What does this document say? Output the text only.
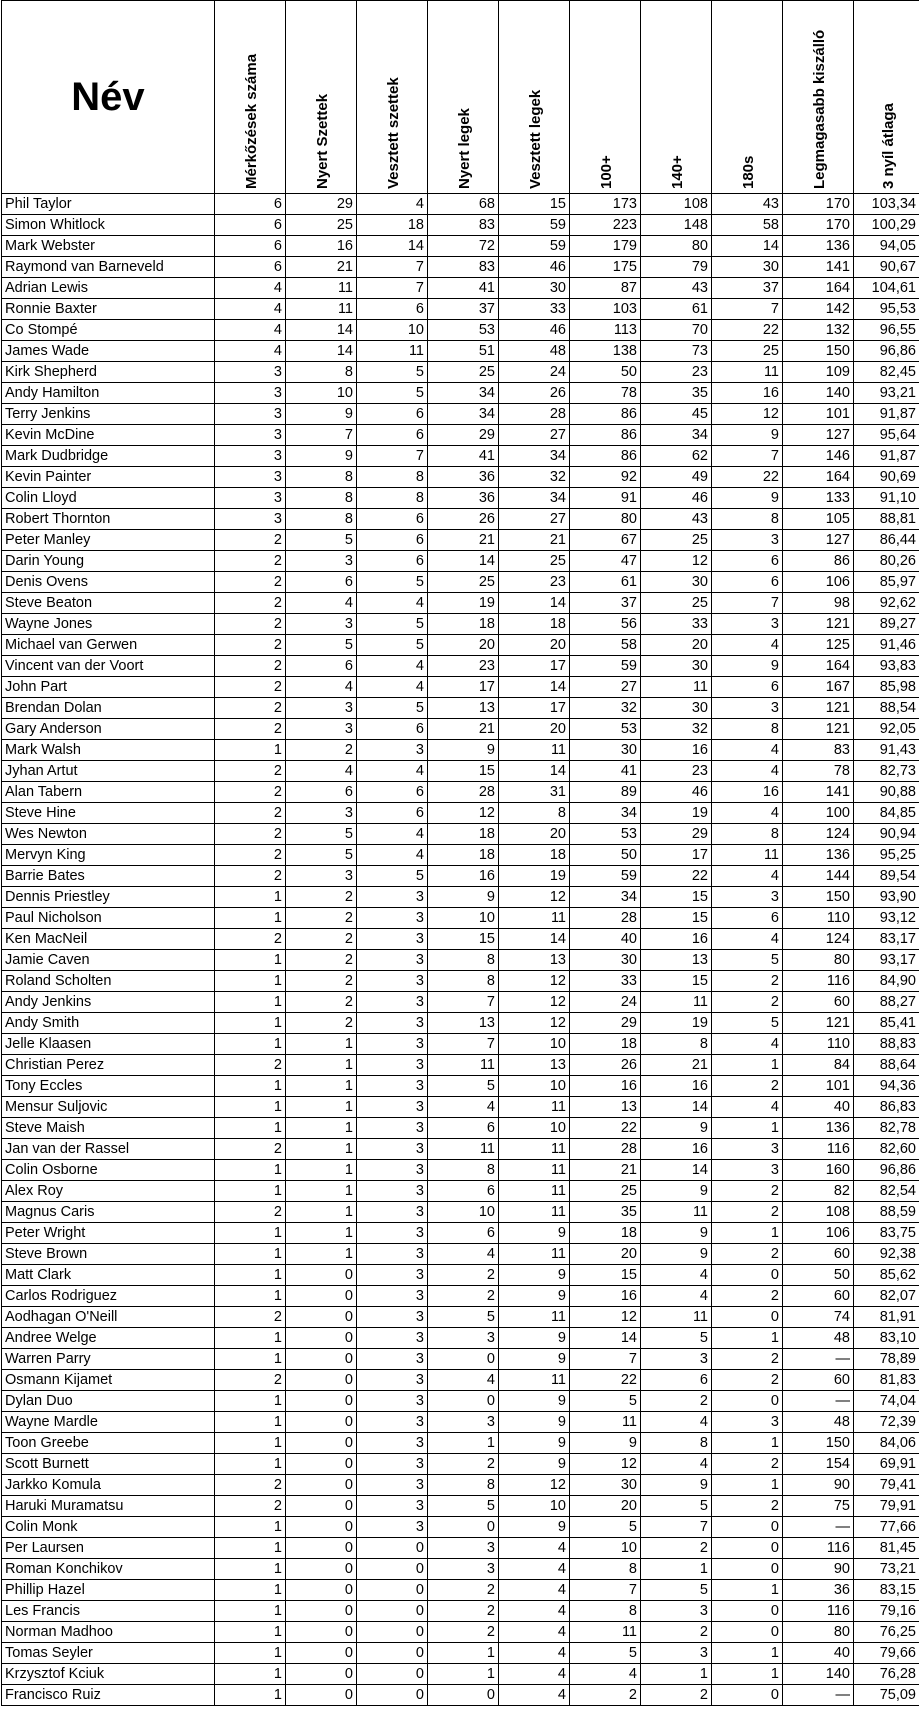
Név	Mérkőzések száma	Nyert Szettek	Vesztett szettek	Nyert legek	Vesztett legek	100+	140+	180s	Legmagasabb kiszálló	3 nyíl átlaga

Phil Taylor	6	29	4	68	15	173	108	43	170	103,34
Simon Whitlock	6	25	18	83	59	223	148	58	170	100,29
Mark Webster	6	16	14	72	59	179	80	14	136	94,05
Raymond van Barneveld	6	21	7	83	46	175	79	30	141	90,67
Adrian Lewis	4	11	7	41	30	87	43	37	164	104,61
Ronnie Baxter	4	11	6	37	33	103	61	7	142	95,53
Co Stompé	4	14	10	53	46	113	70	22	132	96,55
James Wade	4	14	11	51	48	138	73	25	150	96,86
Kirk Shepherd	3	8	5	25	24	50	23	11	109	82,45
Andy Hamilton	3	10	5	34	26	78	35	16	140	93,21
Terry Jenkins	3	9	6	34	28	86	45	12	101	91,87
Kevin McDine	3	7	6	29	27	86	34	9	127	95,64
Mark Dudbridge	3	9	7	41	34	86	62	7	146	91,87
Kevin Painter	3	8	8	36	32	92	49	22	164	90,69
Colin Lloyd	3	8	8	36	34	91	46	9	133	91,10
Robert Thornton	3	8	6	26	27	80	43	8	105	88,81
Peter Manley	2	5	6	21	21	67	25	3	127	86,44
Darin Young	2	3	6	14	25	47	12	6	86	80,26
Denis Ovens	2	6	5	25	23	61	30	6	106	85,97
Steve Beaton	2	4	4	19	14	37	25	7	98	92,62
Wayne Jones	2	3	5	18	18	56	33	3	121	89,27
Michael van Gerwen	2	5	5	20	20	58	20	4	125	91,46
Vincent van der Voort	2	6	4	23	17	59	30	9	164	93,83
John Part	2	4	4	17	14	27	11	6	167	85,98
Brendan Dolan	2	3	5	13	17	32	30	3	121	88,54
Gary Anderson	2	3	6	21	20	53	32	8	121	92,05
Mark Walsh	1	2	3	9	11	30	16	4	83	91,43
Jyhan Artut	2	4	4	15	14	41	23	4	78	82,73
Alan Tabern	2	6	6	28	31	89	46	16	141	90,88
Steve Hine	2	3	6	12	8	34	19	4	100	84,85
Wes Newton	2	5	4	18	20	53	29	8	124	90,94
Mervyn King	2	5	4	18	18	50	17	11	136	95,25
Barrie Bates	2	3	5	16	19	59	22	4	144	89,54
Dennis Priestley	1	2	3	9	12	34	15	3	150	93,90
Paul Nicholson	1	2	3	10	11	28	15	6	110	93,12
Ken MacNeil	2	2	3	15	14	40	16	4	124	83,17
Jamie Caven	1	2	3	8	13	30	13	5	80	93,17
Roland Scholten	1	2	3	8	12	33	15	2	116	84,90
Andy Jenkins	1	2	3	7	12	24	11	2	60	88,27
Andy Smith	1	2	3	13	12	29	19	5	121	85,41
Jelle Klaasen	1	1	3	7	10	18	8	4	110	88,83
Christian Perez	2	1	3	11	13	26	21	1	84	88,64
Tony Eccles	1	1	3	5	10	16	16	2	101	94,36
Mensur Suljovic	1	1	3	4	11	13	14	4	40	86,83
Steve Maish	1	1	3	6	10	22	9	1	136	82,78
Jan van der Rassel	2	1	3	11	11	28	16	3	116	82,60
Colin Osborne	1	1	3	8	11	21	14	3	160	96,86
Alex Roy	1	1	3	6	11	25	9	2	82	82,54
Magnus Caris	2	1	3	10	11	35	11	2	108	88,59
Peter Wright	1	1	3	6	9	18	9	1	106	83,75
Steve Brown	1	1	3	4	11	20	9	2	60	92,38
Matt Clark	1	0	3	2	9	15	4	0	50	85,62
Carlos Rodriguez	1	0	3	2	9	16	4	2	60	82,07
Aodhagan O'Neill	2	0	3	5	11	12	11	0	74	81,91
Andree Welge	1	0	3	3	9	14	5	1	48	83,10
Warren Parry	1	0	3	0	9	7	3	2	—	78,89
Osmann Kijamet	2	0	3	4	11	22	6	2	60	81,83
Dylan Duo	1	0	3	0	9	5	2	0	—	74,04
Wayne Mardle	1	0	3	3	9	11	4	3	48	72,39
Toon Greebe	1	0	3	1	9	9	8	1	150	84,06
Scott Burnett	1	0	3	2	9	12	4	2	154	69,91
Jarkko Komula	2	0	3	8	12	30	9	1	90	79,41
Haruki Muramatsu	2	0	3	5	10	20	5	2	75	79,91
Colin Monk	1	0	3	0	9	5	7	0	—	77,66
Per Laursen	1	0	0	3	4	10	2	0	116	81,45
Roman Konchikov	1	0	0	3	4	8	1	0	90	73,21
Phillip Hazel	1	0	0	2	4	7	5	1	36	83,15
Les Francis	1	0	0	2	4	8	3	0	116	79,16
Norman Madhoo	1	0	0	2	4	11	2	0	80	76,25
Tomas Seyler	1	0	0	1	4	5	3	1	40	79,66
Krzysztof Kciuk	1	0	0	1	4	4	1	1	140	76,28
Francisco Ruiz	1	0	0	0	4	2	2	0	—	75,09
